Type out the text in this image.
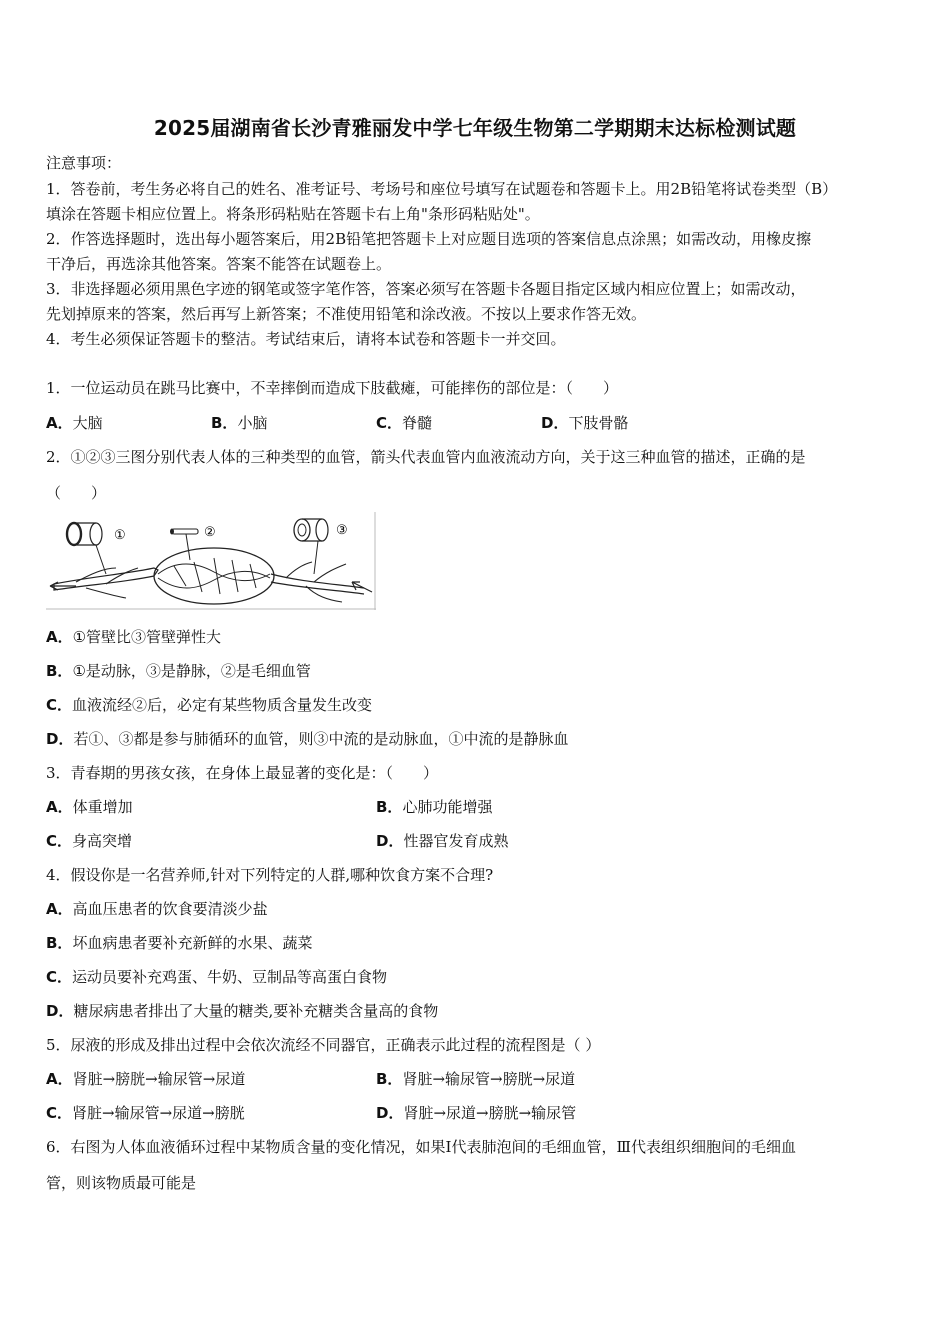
2025届湖南省长沙青雅丽发中学七年级生物第二学期期末达标检测试题
注意事项：
1．答卷前，考生务必将自己的姓名、准考证号、考场号和座位号填写在试题卷和答题卡上。用2B铅笔将试卷类型（B）
填涂在答题卡相应位置上。将条形码粘贴在答题卡右上角"条形码粘贴处"。
2．作答选择题时，选出每小题答案后，用2B铅笔把答题卡上对应题目选项的答案信息点涂黑；如需改动，用橡皮擦
干净后，再选涂其他答案。答案不能答在试题卷上。
3．非选择题必须用黑色字迹的钢笔或签字笔作答，答案必须写在答题卡各题目指定区域内相应位置上；如需改动，
先划掉原来的答案，然后再写上新答案；不准使用铅笔和涂改液。不按以上要求作答无效。
4．考生必须保证答题卡的整洁。考试结束后，请将本试卷和答题卡一并交回。
1．一位运动员在跳马比赛中，不幸摔倒而造成下肢截瘫，可能摔伤的部位是：（　　）
A．大脑	B．小脑	C．脊髓	D．下肢骨骼
2．①②③三图分别代表人体的三种类型的血管，箭头代表血管内血液流动方向，关于这三种血管的描述，正确的是
（　　）
①	②	③
A．①管壁比③管壁弹性大
B．①是动脉，③是静脉，②是毛细血管
C．血液流经②后，必定有某些物质含量发生改变
D．若①、③都是参与肺循环的血管，则③中流的是动脉血，①中流的是静脉血
3．青春期的男孩女孩，在身体上最显著的变化是：（　　）
A．体重增加	B．心肺功能增强
C．身高突增	D．性器官发育成熟
4．假设你是一名营养师,针对下列特定的人群,哪种饮食方案不合理?
A．高血压患者的饮食要清淡少盐
B．坏血病患者要补充新鲜的水果、蔬菜
C．运动员要补充鸡蛋、牛奶、豆制品等高蛋白食物
D．糖尿病患者排出了大量的糖类,要补充糖类含量高的食物
5．尿液的形成及排出过程中会依次流经不同器官，正确表示此过程的流程图是（ ）
A．肾脏→膀胱→输尿管→尿道	B．肾脏→输尿管→膀胱→尿道
C．肾脏→输尿管→尿道→膀胱	D．肾脏→尿道→膀胱→输尿管
6．右图为人体血液循环过程中某物质含量的变化情况，如果Ⅰ代表肺泡间的毛细血管，Ⅲ代表组织细胞间的毛细血
管，则该物质最可能是
